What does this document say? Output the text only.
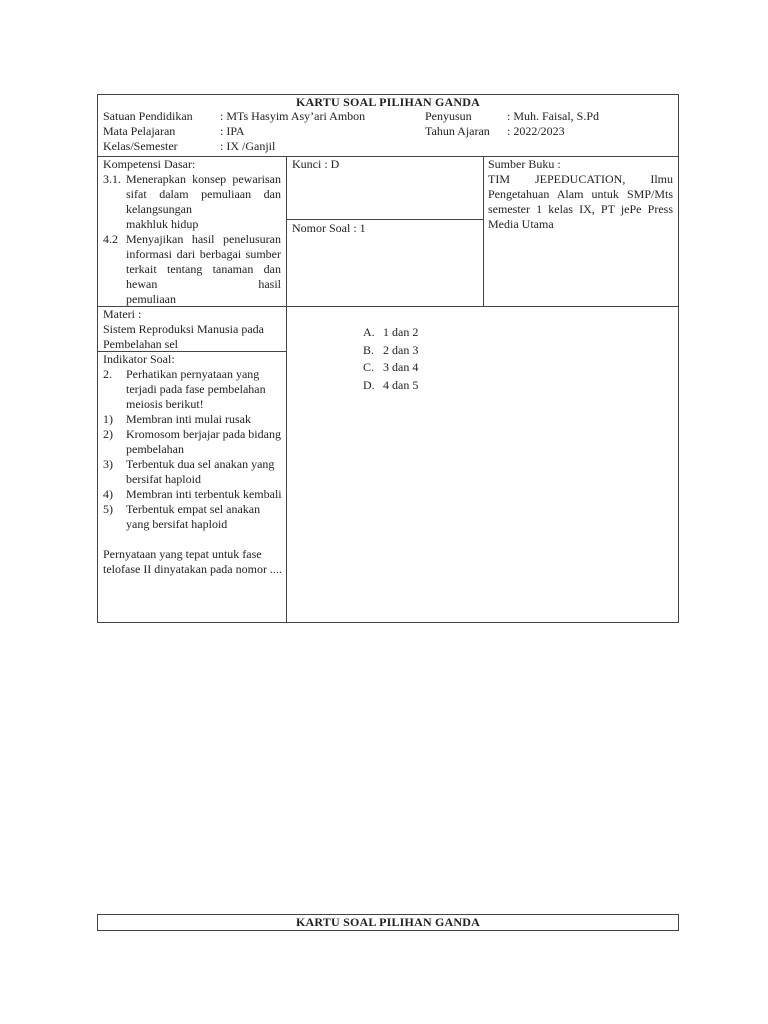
KARTU SOAL PILIHAN GANDA
Satuan Pendidikan : MTs Hasyim Asy’ari Ambon	Penyusun	: Muh. Faisal, S.Pd
Mata Pelajaran	: IPA	Tahun Ajaran : 2022/2023
Kelas/Semester	: IX /Ganjil
Kompetensi Dasar:
3.1. Menerapkan konsep pewarisan sifat dalam pemuliaan dan kelangsungan
makhluk hidup
4.2 Menyajikan hasil penelusuran informasi dari berbagai sumber terkait tentang tanaman dan hewan hasil
pemuliaan
Kunci : D
Nomor Soal : 1
Sumber Buku :
TIM JEPEDUCATION, Ilmu Pengetahuan Alam untuk SMP/Mts semester 1 kelas IX, PT jePe Press Media Utama
Materi :
Sistem Reproduksi Manusia pada Pembelahan sel
Indikator Soal:
2. Perhatikan pernyataan yang terjadi pada fase pembelahan meiosis berikut!
1) Membran inti mulai rusak
2) Kromosom berjajar pada bidang pembelahan
3) Terbentuk dua sel anakan yang bersifat haploid
4) Membran inti terbentuk kembali
5) Terbentuk empat sel anakan yang bersifat haploid
Pernyataan yang tepat untuk fase telofase II dinyatakan pada nomor ....
A. 1 dan 2
B. 2 dan 3
C. 3 dan 4
D. 4 dan 5
KARTU SOAL PILIHAN GANDA
